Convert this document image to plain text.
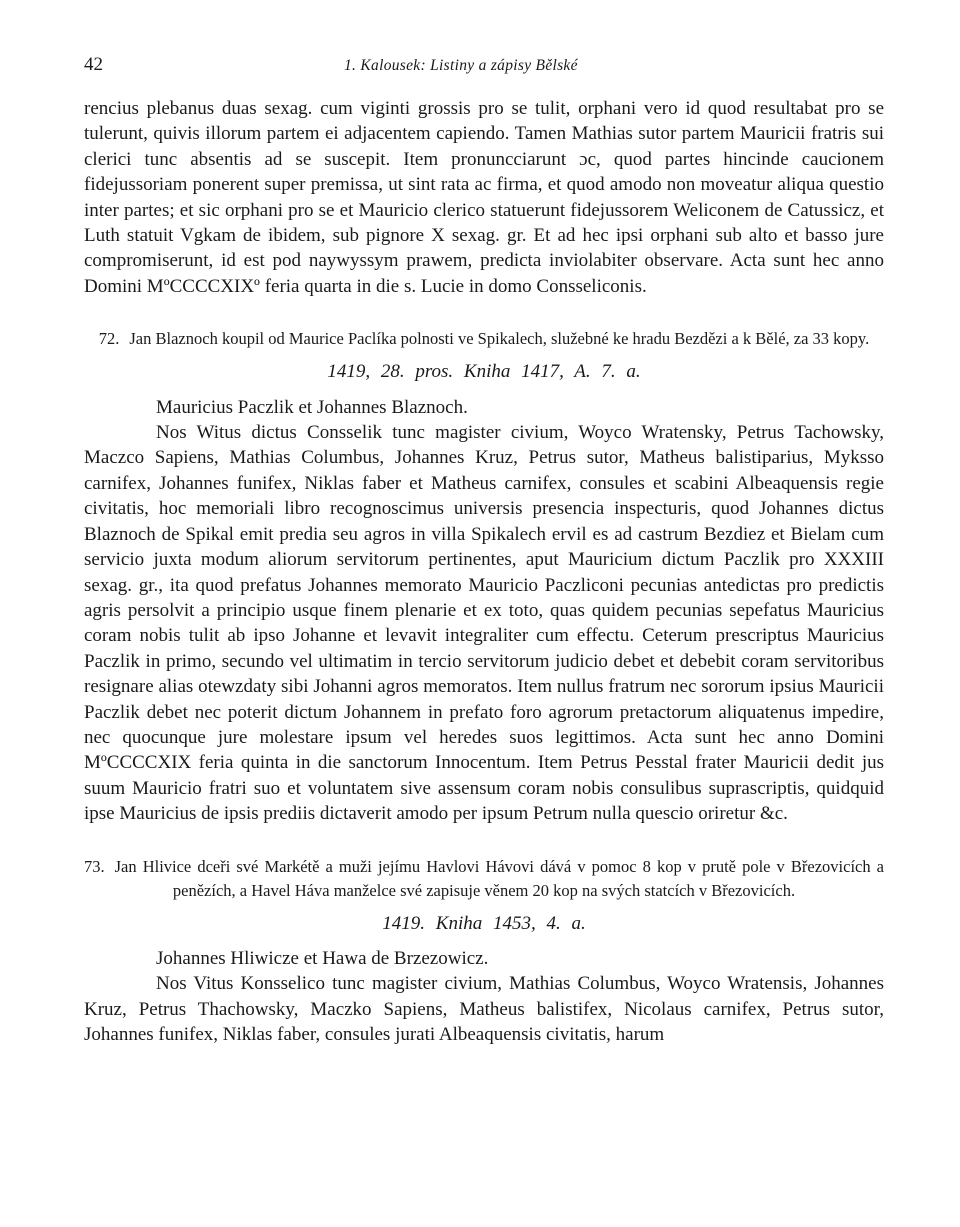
42	1. Kalousek: Listiny a zápisy Bělské

rencius plebanus duas sexag. cum viginti grossis pro se tulit, orphani vero id quod resultabat pro se tulerunt, quivis illorum partem ei adjacentem capiendo. Tamen Mathias sutor partem Mauricii fratris sui clerici tunc absentis ad se suscepit. Item pronuncciarunt ɔc, quod partes hincinde caucionem fidejussoriam ponerent super premissa, ut sint rata ac firma, et quod amodo non moveatur aliqua questio inter partes; et sic orphani pro se et Mauricio clerico statuerunt fidejussorem Weliconem de Catussicz, et Luth statuit Vgkam de ibidem, sub pignore X sexag. gr. Et ad hec ipsi orphani sub alto et basso jure compromiserunt, id est pod naywyssym prawem, predicta inviolabiter observare. Acta sunt hec anno Domini MºCCCCXIXº feria quarta in die s. Lucie in domo Consseliconis.

72. Jan Blaznoch koupil od Maurice Paclíka polnosti ve Spikalech, služebné ke hradu Bezdězi a k Bělé, za 33 kopy.
1419, 28. pros. Kniha 1417, A. 7. a.

Mauricius Paczlik et Johannes Blaznoch.

Nos Witus dictus Consselik tunc magister civium, Woyco Wratensky, Petrus Tachowsky, Maczco Sapiens, Mathias Columbus, Johannes Kruz, Petrus sutor, Matheus balistiparius, Myksso carnifex, Johannes funifex, Niklas faber et Matheus carnifex, consules et scabini Albeaquensis regie civitatis, hoc memoriali libro recognoscimus universis presencia inspecturis, quod Johannes dictus Blaznoch de Spikal emit predia seu agros in villa Spikalech ervil es ad castrum Bezdiez et Bielam cum servicio juxta modum aliorum servitorum pertinentes, aput Mauricium dictum Paczlik pro XXXIII sexag. gr., ita quod prefatus Johannes memorato Mauricio Paczliconi pecunias antedictas pro predictis agris persolvit a principio usque finem plenarie et ex toto, quas quidem pecunias sepefatus Mauricius coram nobis tulit ab ipso Johanne et levavit integraliter cum effectu. Ceterum prescriptus Mauricius Paczlik in primo, secundo vel ultimatim in tercio servitorum judicio debet et debebit coram servitoribus resignare alias otewzdaty sibi Johanni agros memoratos. Item nullus fratrum nec sororum ipsius Mauricii Paczlik debet nec poterit dictum Johannem in prefato foro agrorum pretactorum aliquatenus impedire, nec quocunque jure molestare ipsum vel heredes suos legittimos. Acta sunt hec anno Domini MºCCCCXIX feria quinta in die sanctorum Innocentum. Item Petrus Pesstal frater Mauricii dedit jus suum Mauricio fratri suo et voluntatem sive assensum coram nobis consulibus suprascriptis, quidquid ipse Mauricius de ipsis prediis dictaverit amodo per ipsum Petrum nulla quescio oriretur &c.

73. Jan Hlivice dceři své Markétě a muži jejímu Havlovi Hávovi dává v pomoc 8 kop v prutě pole v Březovicích a penězích, a Havel Háva manželce své zapisuje věnem 20 kop na svých statcích v Březovicích.
1419. Kniha 1453, 4. a.

Johannes Hliwicze et Hawa de Brzezowicz.

Nos Vitus Konsselico tunc magister civium, Mathias Columbus, Woyco Wratensis, Johannes Kruz, Petrus Thachowsky, Maczko Sapiens, Matheus balistifex, Nicolaus carnifex, Petrus sutor, Johannes funifex, Niklas faber, consules jurati Albeaquensis civitatis, harum
